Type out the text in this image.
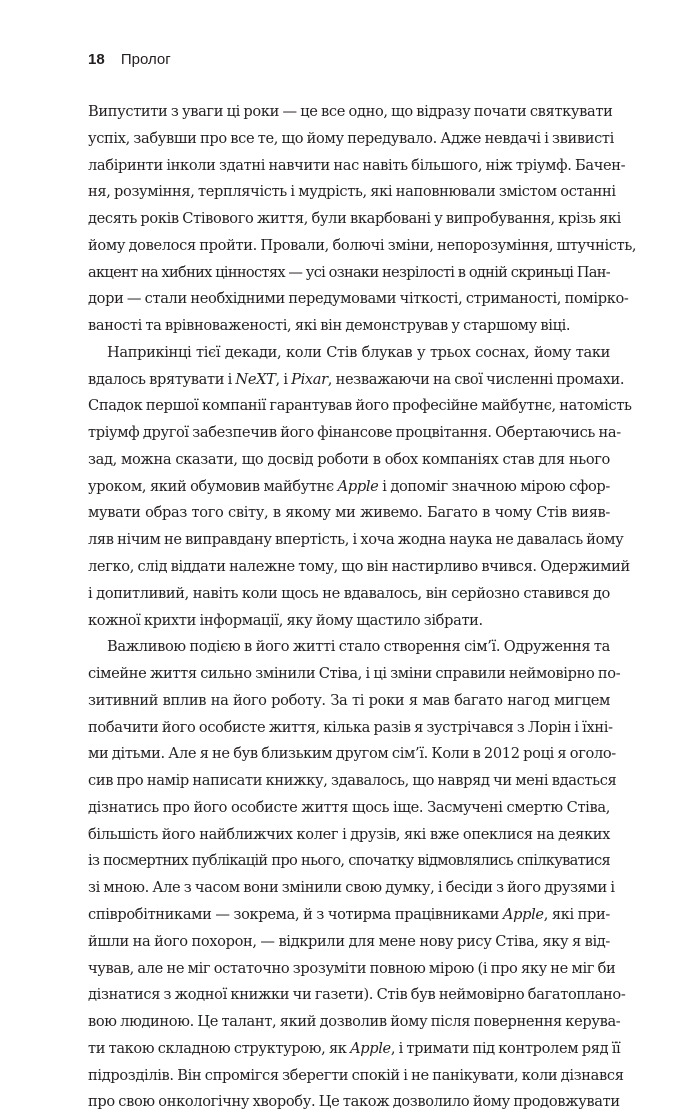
18 Пролог
Випустити з уваги ці роки — це все одно, що відразу почати святкувати
успіх, забувши про все те, що йому передувало. Адже невдачі і звивисті
лабіринти інколи здатні навчити нас навіть більшого, ніж тріумф. Бачен-
ня, розуміння, терплячість і мудрість, які наповнювали змістом останні
десять років Стівового життя, були вкарбовані у випробування, крізь які
йому довелося пройти. Провали, болючі зміни, непорозуміння, штучність,
акцент на хибних цінностях — усі ознаки незрілості в одній скриньці Пан-
дори — стали необхідними передумовами чіткості, стриманості, поміркo-
ваності та врівноваженості, які він демонстрував у старшому віці.
Наприкінці тієї декади, коли Стів блукав у трьох соснах, йому таки
вдалось врятувати і NeXT, і Pixar, незважаючи на свої численні промахи.
Спадок першої компанії гарантував його професійне майбутнє, натомість
тріумф другої забезпечив його фінансове процвітання. Обертаючись на-
зад, можна сказати, що досвід роботи в обох компаніях став для нього
уроком, який обумовив майбутнє Apple і допоміг значною мірою сфор-
мувати образ того світу, в якому ми живемо. Багато в чому Стів вияв-
ляв нічим не виправдану впертість, і хоча жодна наука не давалась йому
легко, слід віддати належне тому, що він настирливо вчився. Одержимий
і допитливий, навіть коли щось не вдавалось, він серйозно ставився до
кожної крихти інформації, яку йому щастило зібрати.
Важливою подією в його житті стало створення сім’ї. Одруження та
сімейне життя сильно змінили Стіва, і ці зміни справили неймовірно по-
зитивний вплив на його роботу. За ті роки я мав багато нагод мигцем
побачити його особисте життя, кілька разів я зустрічався з Лорін і їхні-
ми дітьми. Але я не був близьким другом сім’ї. Коли в 2012 році я оголо-
сив про намір написати книжку, здавалось, що навряд чи мені вдасться
дізнатись про його особисте життя щось іще. Засмучені смертю Стіва,
більшість його найближчих колег і друзів, які вже опеклися на деяких
із посмертних публікацій про нього, спочатку відмовлялись спілкуватися
зі мною. Але з часом вони змінили свою думку, і бесіди з його друзями і
співробітниками — зокрема, й з чотирма працівниками Apple, які при-
йшли на його похорон, — відкрили для мене нову рису Стіва, яку я від-
чував, але не міг остаточно зрозуміти повною мірою (і про яку не міг би
дізнатися з жодної книжки чи газети). Стів був неймовірно багатоплано-
вою людиною. Це талант, який дозволив йому після повернення керува-
ти такою складною структурою, як Apple, і тримати під контролем ряд її
підрозділів. Він спромігся зберегти спокій і не панікувати, коли дізнався
про свою онкологічну хворобу. Це також дозволило йому продовжувати
